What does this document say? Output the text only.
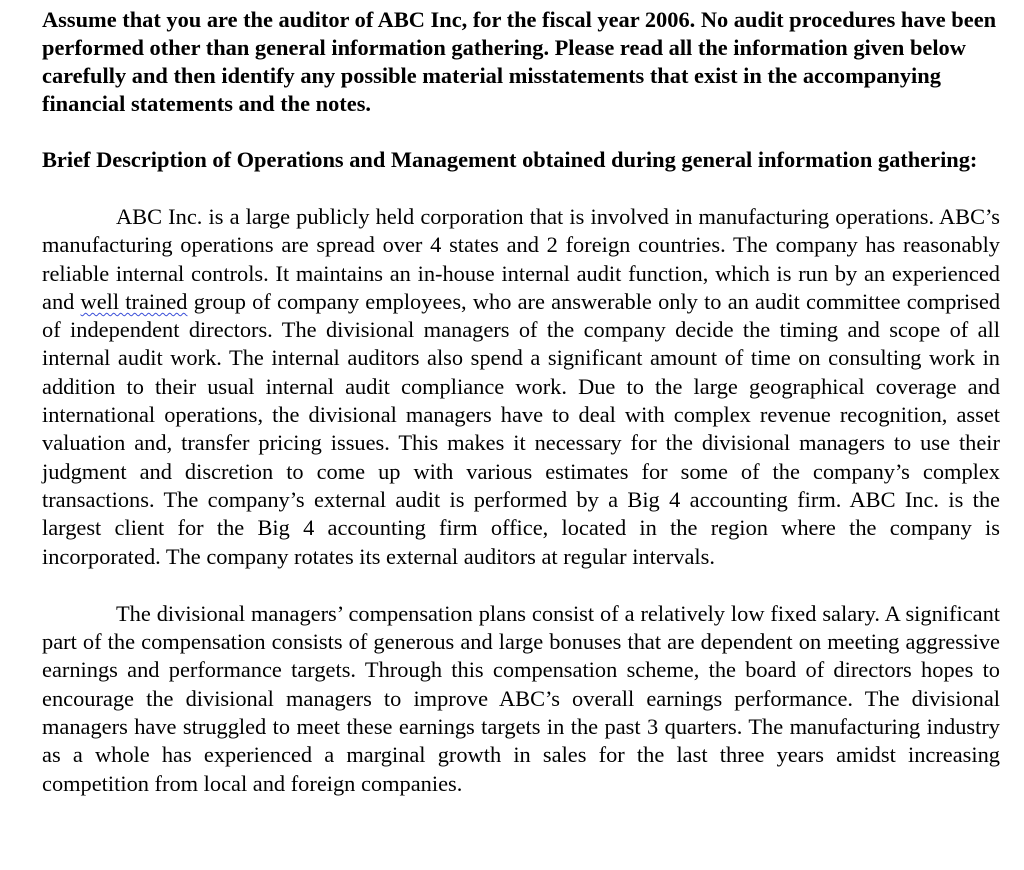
Assume that you are the auditor of ABC Inc, for the fiscal year 2006. No audit procedures have been performed other than general information gathering. Please read all the information given below carefully and then identify any possible material misstatements that exist in the accompanying financial statements and the notes.

Brief Description of Operations and Management obtained during general information gathering:

ABC Inc. is a large publicly held corporation that is involved in manufacturing operations. ABC’s manufacturing operations are spread over 4 states and 2 foreign countries. The company has reasonably reliable internal controls. It maintains an in-house internal audit function, which is run by an experienced and well trained group of company employees, who are answerable only to an audit committee comprised of independent directors. The divisional managers of the company decide the timing and scope of all internal audit work. The internal auditors also spend a significant amount of time on consulting work in addition to their usual internal audit compliance work. Due to the large geographical coverage and international operations, the divisional managers have to deal with complex revenue recognition, asset valuation and, transfer pricing issues. This makes it necessary for the divisional managers to use their judgment and discretion to come up with various estimates for some of the company’s complex transactions. The company’s external audit is performed by a Big 4 accounting firm. ABC Inc. is the largest client for the Big 4 accounting firm office, located in the region where the company is incorporated. The company rotates its external auditors at regular intervals.

The divisional managers’ compensation plans consist of a relatively low fixed salary. A significant part of the compensation consists of generous and large bonuses that are dependent on meeting aggressive earnings and performance targets. Through this compensation scheme, the board of directors hopes to encourage the divisional managers to improve ABC’s overall earnings performance. The divisional managers have struggled to meet these earnings targets in the past 3 quarters. The manufacturing industry as a whole has experienced a marginal growth in sales for the last three years amidst increasing competition from local and foreign companies.
